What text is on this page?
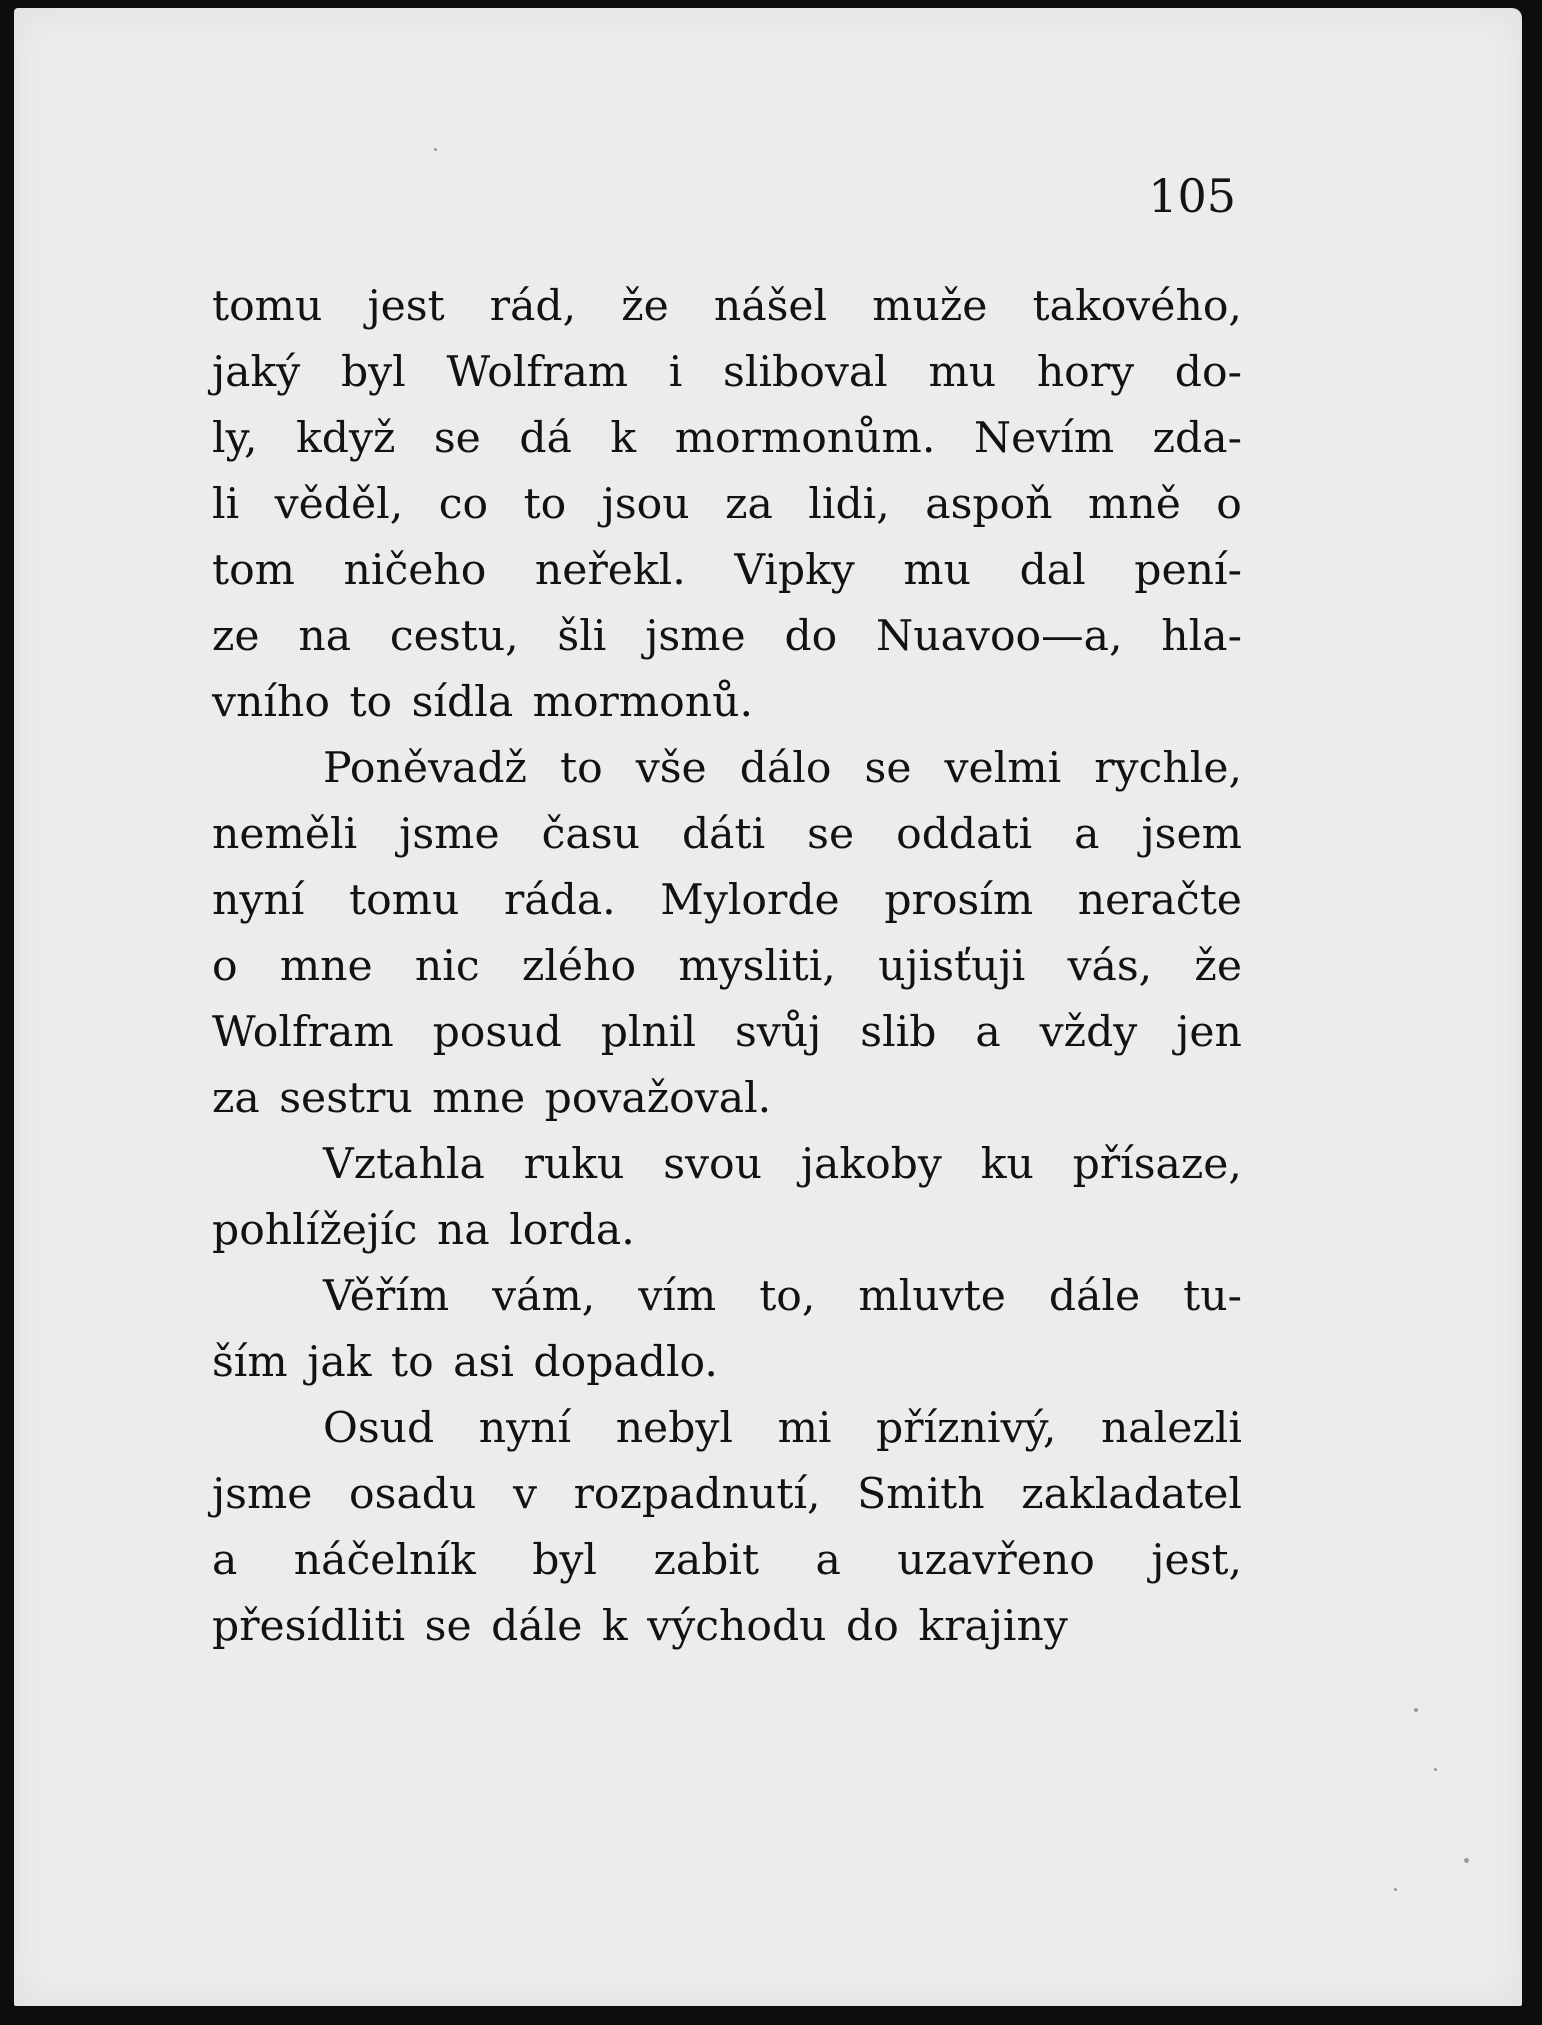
105
tomu jest rád, že nášel muže takového,
jaký byl Wolfram i sliboval mu hory do-
ly, když se dá k mormonům. Nevím zda-
li věděl, co to jsou za lidi, aspoň mně o
tom ničeho neřekl. Vipky mu dal pení-
ze na cestu, šli jsme do Nuavoo—a, hla-
vního to sídla mormonů.
Poněvadž to vše dálo se velmi rychle,
neměli jsme času dáti se oddati a jsem
nyní tomu ráda. Mylorde prosím neračte
o mne nic zlého mysliti, ujisťuji vás, že
Wolfram posud plnil svůj slib a vždy jen
za sestru mne považoval.
Vztahla ruku svou jakoby ku přísaze,
pohlížejíc na lorda.
Věřím vám, vím to, mluvte dále tu-
ším jak to asi dopadlo.
Osud nyní nebyl mi příznivý, nalezli
jsme osadu v rozpadnutí, Smith zakladatel
a náčelník byl zabit a uzavřeno jest,
přesídliti se dále k východu do krajiny
